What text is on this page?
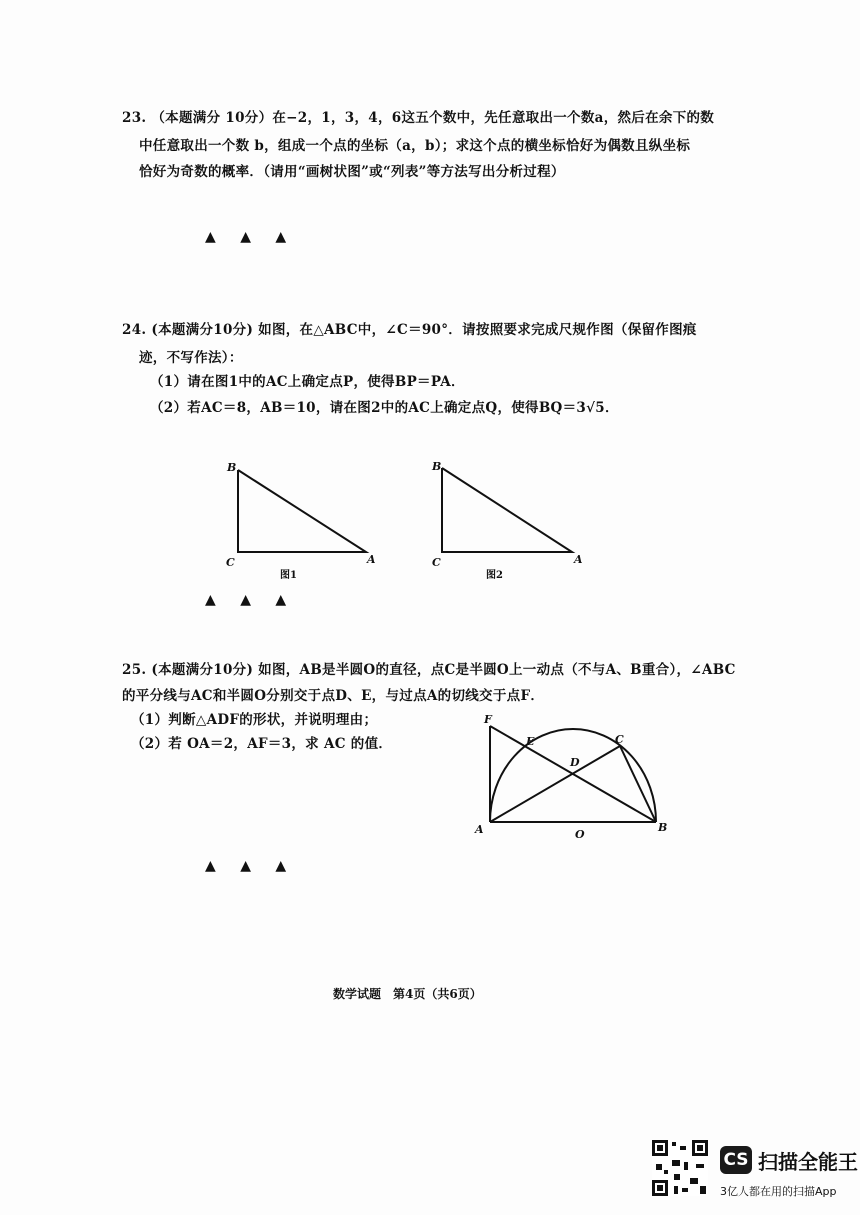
23. （本题满分 10分）在−2，1，3，4，6这五个数中，先任意取出一个数a，然后在余下的数
中任意取出一个数 b，组成一个点的坐标（a，b）；求这个点的横坐标恰好为偶数且纵坐标
恰好为奇数的概率．（请用“画树状图”或“列表”等方法写出分析过程）
▲ ▲ ▲
24. (本题满分10分) 如图，在△ABC中，∠C＝90°．请按照要求完成尺规作图（保留作图痕
迹，不写作法）：
（1）请在图1中的AC上确定点P，使得BP＝PA．
（2）若AC＝8，AB＝10，请在图2中的AC上确定点Q，使得BQ＝3√5．
B
C	A
图1
B
C	A
图2
▲ ▲ ▲
25. (本题满分10分) 如图，AB是半圆O的直径，点C是半圆O上一动点（不与A、B重合），∠ABC
的平分线与AC和半圆O分别交于点D、E，与过点A的切线交于点F．
（1）判断△ADF的形状，并说明理由；
（2）若 OA＝2，AF＝3，求 AC 的值．
F
E	C
D
A	O
B
▲ ▲ ▲
数学试题　第4页（共6页）
CS 扫描全能王
3亿人都在用的扫描App
